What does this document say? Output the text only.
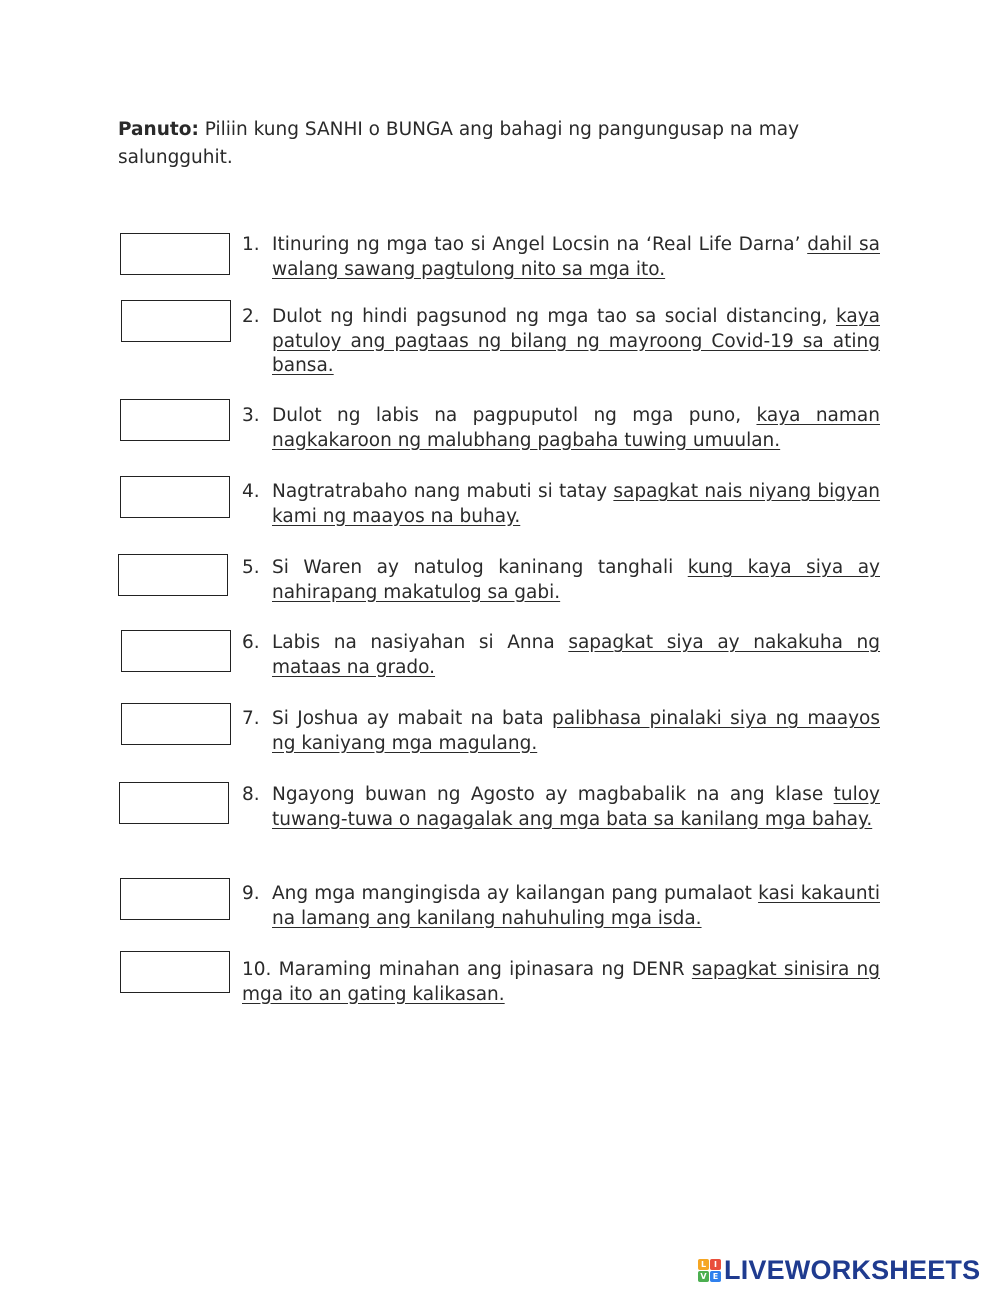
Panuto: Piliin kung SANHI o BUNGA ang bahagi ng pangungusap na may salungguhit.
1. Itinuring ng mga tao si Angel Locsin na ‘Real Life Darna’ dahil sa walang sawang pagtulong nito sa mga ito.
2. Dulot ng hindi pagsunod ng mga tao sa social distancing, kaya patuloy ang pagtaas ng bilang ng mayroong Covid-19 sa ating bansa.
3. Dulot ng labis na pagpuputol ng mga puno, kaya naman nagkakaroon ng malubhang pagbaha tuwing umuulan.
4. Nagtratrabaho nang mabuti si tatay sapagkat nais niyang bigyan kami ng maayos na buhay.
5. Si Waren ay natulog kaninang tanghali kung kaya siya ay nahirapang makatulog sa gabi.
6. Labis na nasiyahan si Anna sapagkat siya ay nakakuha ng mataas na grado.
7. Si Joshua ay mabait na bata palibhasa pinalaki siya ng maayos ng kaniyang mga magulang.
8. Ngayong buwan ng Agosto ay magbabalik na ang klase tuloy tuwang-tuwa o nagagalak ang mga bata sa kanilang mga bahay.
9. Ang mga mangingisda ay kailangan pang pumalaot kasi kakaunti na lamang ang kanilang nahuhuling mga isda.
10. Maraming minahan ang ipinasara ng DENR sapagkat sinisira ng mga ito an gating kalikasan.
L I
V E LIVEWORKSHEETS
